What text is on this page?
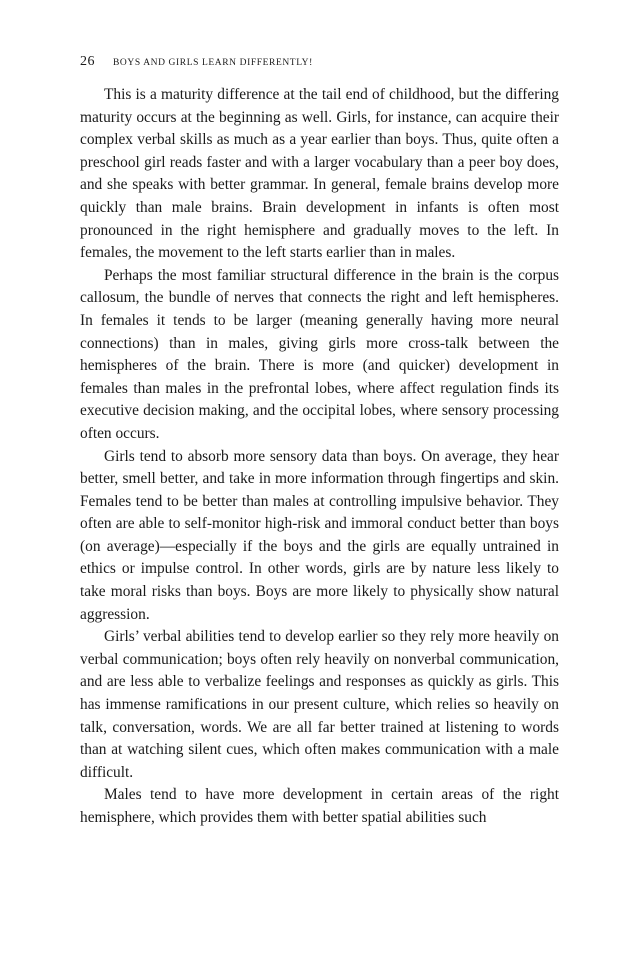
26 BOYS AND GIRLS LEARN DIFFERENTLY!

This is a maturity difference at the tail end of childhood, but the differing maturity occurs at the beginning as well. Girls, for instance, can acquire their complex verbal skills as much as a year earlier than boys. Thus, quite often a preschool girl reads faster and with a larger vocabulary than a peer boy does, and she speaks with better grammar. In general, female brains develop more quickly than male brains. Brain development in infants is often most pronounced in the right hemisphere and gradually moves to the left. In females, the movement to the left starts earlier than in males.

Perhaps the most familiar structural difference in the brain is the corpus callosum, the bundle of nerves that connects the right and left hemispheres. In females it tends to be larger (meaning generally having more neural connections) than in males, giving girls more cross-talk between the hemispheres of the brain. There is more (and quicker) development in females than males in the prefrontal lobes, where affect regulation finds its executive decision making, and the occipital lobes, where sensory processing often occurs.

Girls tend to absorb more sensory data than boys. On average, they hear better, smell better, and take in more information through fingertips and skin. Females tend to be better than males at controlling impulsive behavior. They often are able to self-monitor high-risk and immoral conduct better than boys (on average)—especially if the boys and the girls are equally untrained in ethics or impulse control. In other words, girls are by nature less likely to take moral risks than boys. Boys are more likely to physically show natural aggression.

Girls’ verbal abilities tend to develop earlier so they rely more heavily on verbal communication; boys often rely heavily on nonverbal communication, and are less able to verbalize feelings and responses as quickly as girls. This has immense ramifications in our present culture, which relies so heavily on talk, conversation, words. We are all far better trained at listening to words than at watching silent cues, which often makes communication with a male difficult.

Males tend to have more development in certain areas of the right hemisphere, which provides them with better spatial abilities such
